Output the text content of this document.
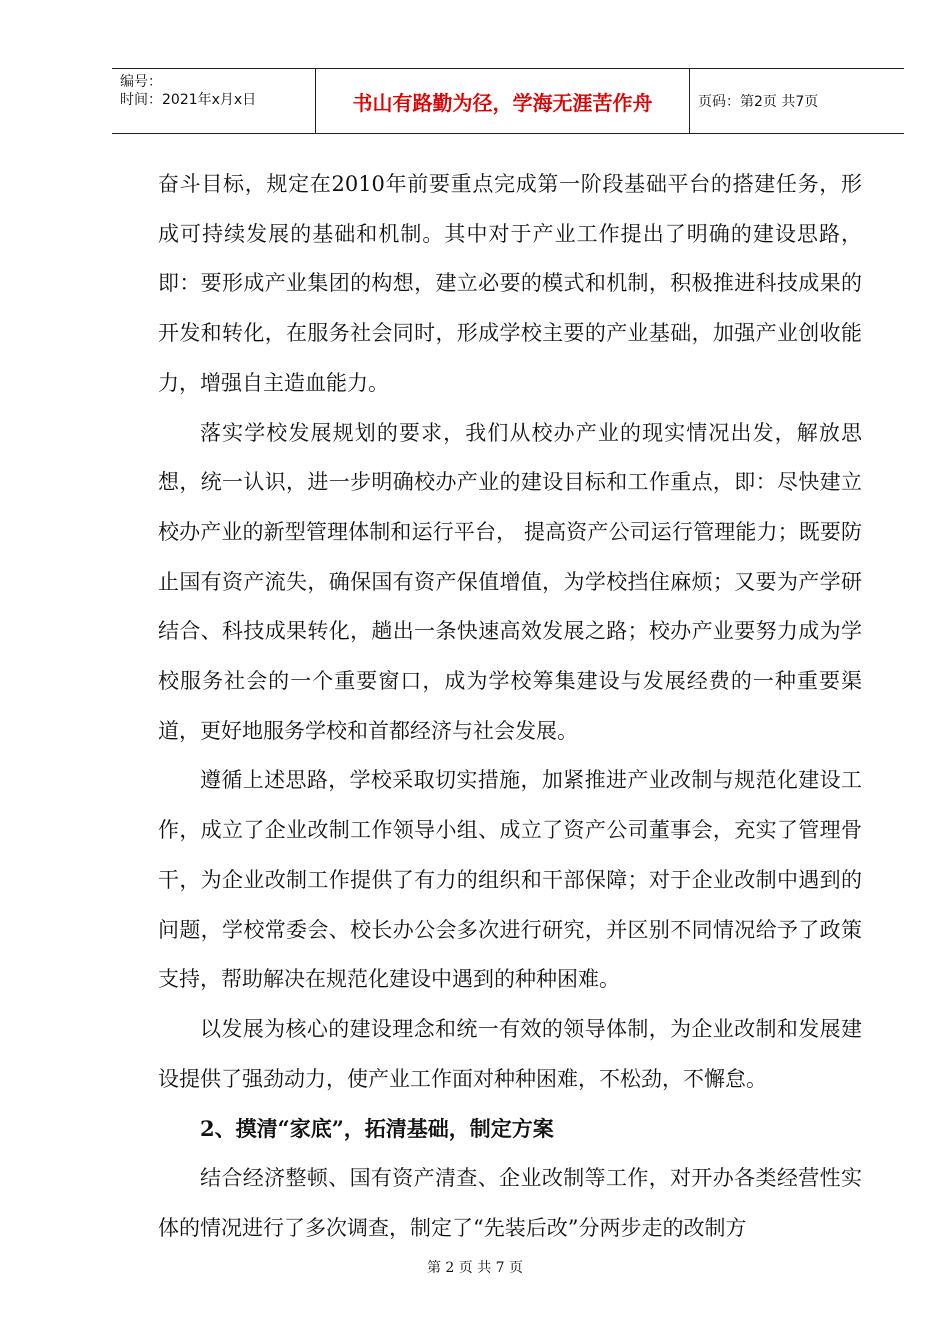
编号：
时间：2021年x月x日	书山有路勤为径，学海无涯苦作舟	页码：第2页 共7页

奋斗目标，规定在2010年前要重点完成第一阶段基础平台的搭建任务，形成可持续发展的基础和机制。其中对于产业工作提出了明确的建设思路，即：要形成产业集团的构想，建立必要的模式和机制，积极推进科技成果的开发和转化，在服务社会同时，形成学校主要的产业基础，加强产业创收能力，增强自主造血能力。

落实学校发展规划的要求，我们从校办产业的现实情况出发，解放思想，统一认识，进一步明确校办产业的建设目标和工作重点，即：尽快建立校办产业的新型管理体制和运行平台， 提高资产公司运行管理能力；既要防止国有资产流失，确保国有资产保值增值，为学校挡住麻烦；又要为产学研结合、科技成果转化，趟出一条快速高效发展之路；校办产业要努力成为学校服务社会的一个重要窗口，成为学校筹集建设与发展经费的一种重要渠道，更好地服务学校和首都经济与社会发展。

遵循上述思路，学校采取切实措施，加紧推进产业改制与规范化建设工作，成立了企业改制工作领导小组、成立了资产公司董事会，充实了管理骨干，为企业改制工作提供了有力的组织和干部保障；对于企业改制中遇到的问题，学校常委会、校长办公会多次进行研究，并区别不同情况给予了政策支持，帮助解决在规范化建设中遇到的种种困难。

以发展为核心的建设理念和统一有效的领导体制，为企业改制和发展建设提供了强劲动力，使产业工作面对种种困难，不松劲，不懈怠。

2、摸清“家底”，拓清基础，制定方案

结合经济整顿、国有资产清查、企业改制等工作，对开办各类经营性实体的情况进行了多次调查，制定了“先装后改”分两步走的改制方

第 2 页 共 7 页
